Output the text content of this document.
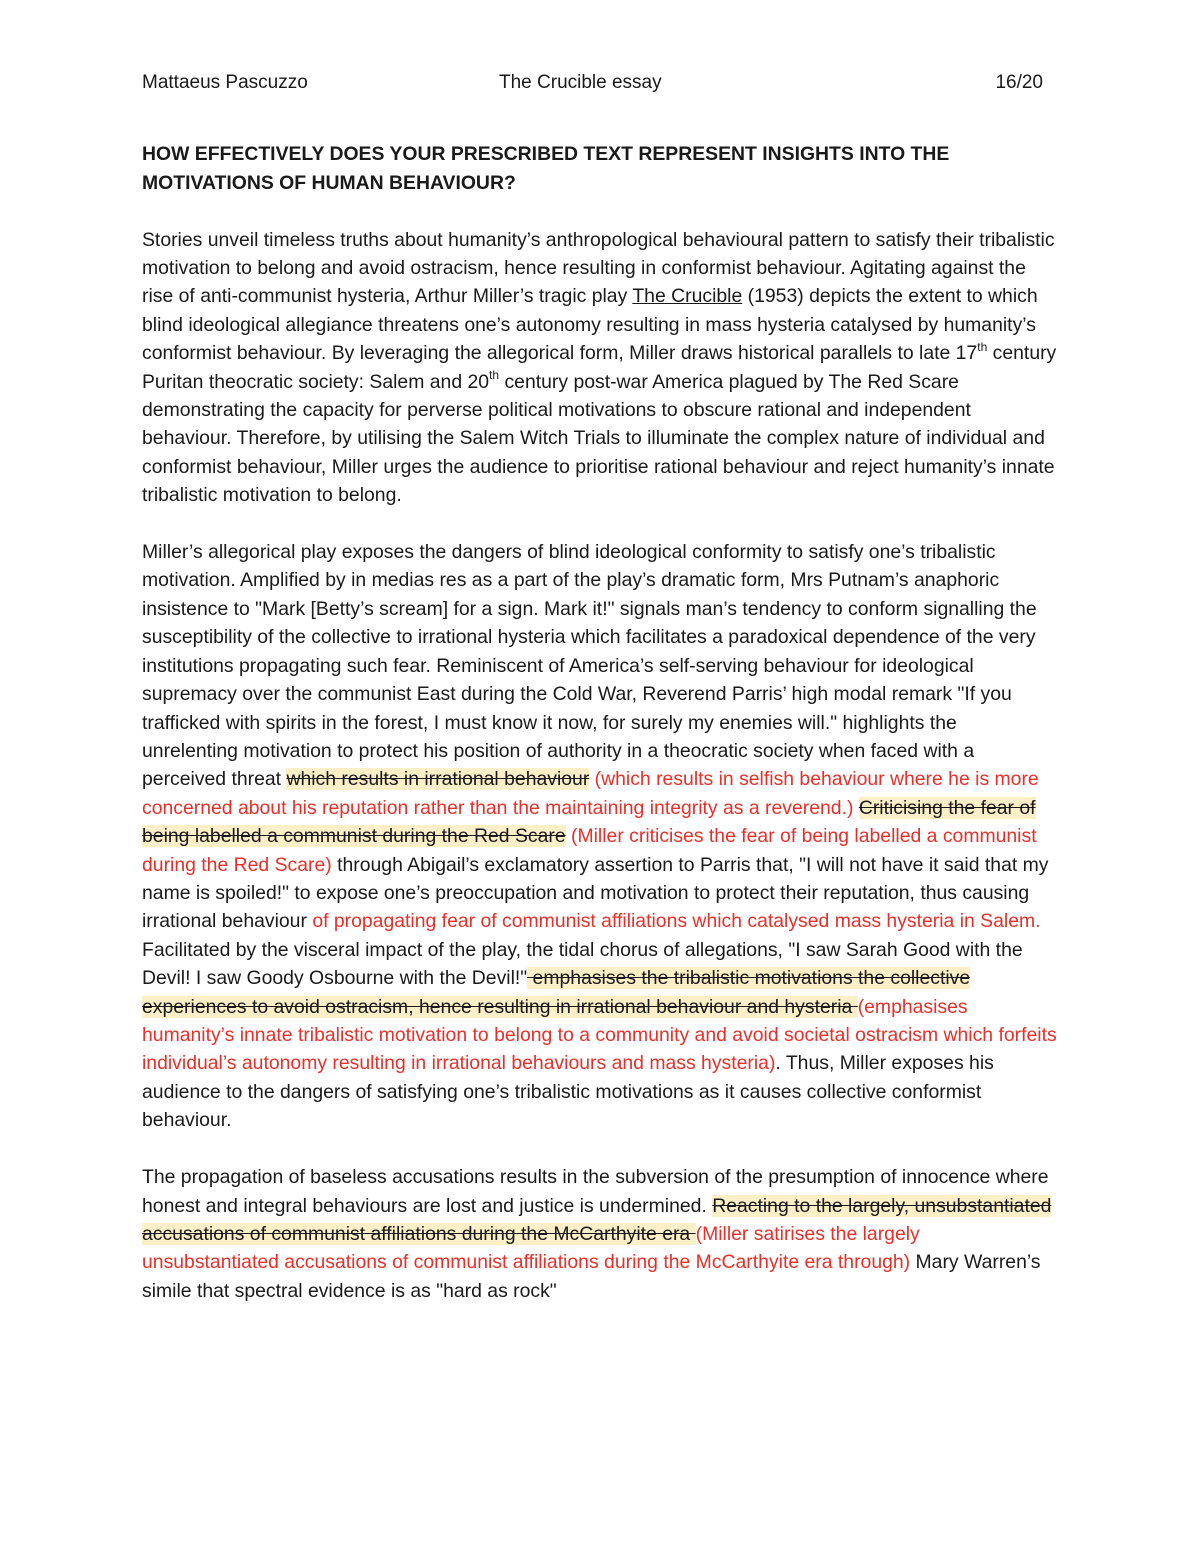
Mattaeus Pascuzzo	The Crucible essay	16/20
HOW EFFECTIVELY DOES YOUR PRESCRIBED TEXT REPRESENT INSIGHTS INTO THE MOTIVATIONS OF HUMAN BEHAVIOUR?
Stories unveil timeless truths about humanity’s anthropological behavioural pattern to satisfy their tribalistic motivation to belong and avoid ostracism, hence resulting in conformist behaviour. Agitating against the rise of anti-communist hysteria, Arthur Miller’s tragic play The Crucible (1953) depicts the extent to which blind ideological allegiance threatens one’s autonomy resulting in mass hysteria catalysed by humanity’s conformist behaviour. By leveraging the allegorical form, Miller draws historical parallels to late 17th century Puritan theocratic society: Salem and 20th century post-war America plagued by The Red Scare demonstrating the capacity for perverse political motivations to obscure rational and independent behaviour. Therefore, by utilising the Salem Witch Trials to illuminate the complex nature of individual and conformist behaviour, Miller urges the audience to prioritise rational behaviour and reject humanity’s innate tribalistic motivation to belong.
Miller’s allegorical play exposes the dangers of blind ideological conformity to satisfy one’s tribalistic motivation. Amplified by in medias res as a part of the play’s dramatic form, Mrs Putnam’s anaphoric insistence to "Mark [Betty’s scream] for a sign. Mark it!" signals man’s tendency to conform signalling the susceptibility of the collective to irrational hysteria which facilitates a paradoxical dependence of the very institutions propagating such fear. Reminiscent of America’s self-serving behaviour for ideological supremacy over the communist East during the Cold War, Reverend Parris’ high modal remark "If you trafficked with spirits in the forest, I must know it now, for surely my enemies will." highlights the unrelenting motivation to protect his position of authority in a theocratic society when faced with a perceived threat which results in irrational behaviour (which results in selfish behaviour where he is more concerned about his reputation rather than the maintaining integrity as a reverend.) Criticising the fear of being labelled a communist during the Red Scare (Miller criticises the fear of being labelled a communist during the Red Scare) through Abigail’s exclamatory assertion to Parris that, "I will not have it said that my name is spoiled!" to expose one’s preoccupation and motivation to protect their reputation, thus causing irrational behaviour of propagating fear of communist affiliations which catalysed mass hysteria in Salem. Facilitated by the visceral impact of the play, the tidal chorus of allegations, "I saw Sarah Good with the Devil! I saw Goody Osbourne with the Devil!" emphasises the tribalistic motivations the collective experiences to avoid ostracism, hence resulting in irrational behaviour and hysteria (emphasises humanity’s innate tribalistic motivation to belong to a community and avoid societal ostracism which forfeits individual’s autonomy resulting in irrational behaviours and mass hysteria). Thus, Miller exposes his audience to the dangers of satisfying one’s tribalistic motivations as it causes collective conformist behaviour.
The propagation of baseless accusations results in the subversion of the presumption of innocence where honest and integral behaviours are lost and justice is undermined. Reacting to the largely, unsubstantiated accusations of communist affiliations during the McCarthyite era (Miller satirises the largely unsubstantiated accusations of communist affiliations during the McCarthyite era through) Mary Warren’s simile that spectral evidence is as "hard as rock"
